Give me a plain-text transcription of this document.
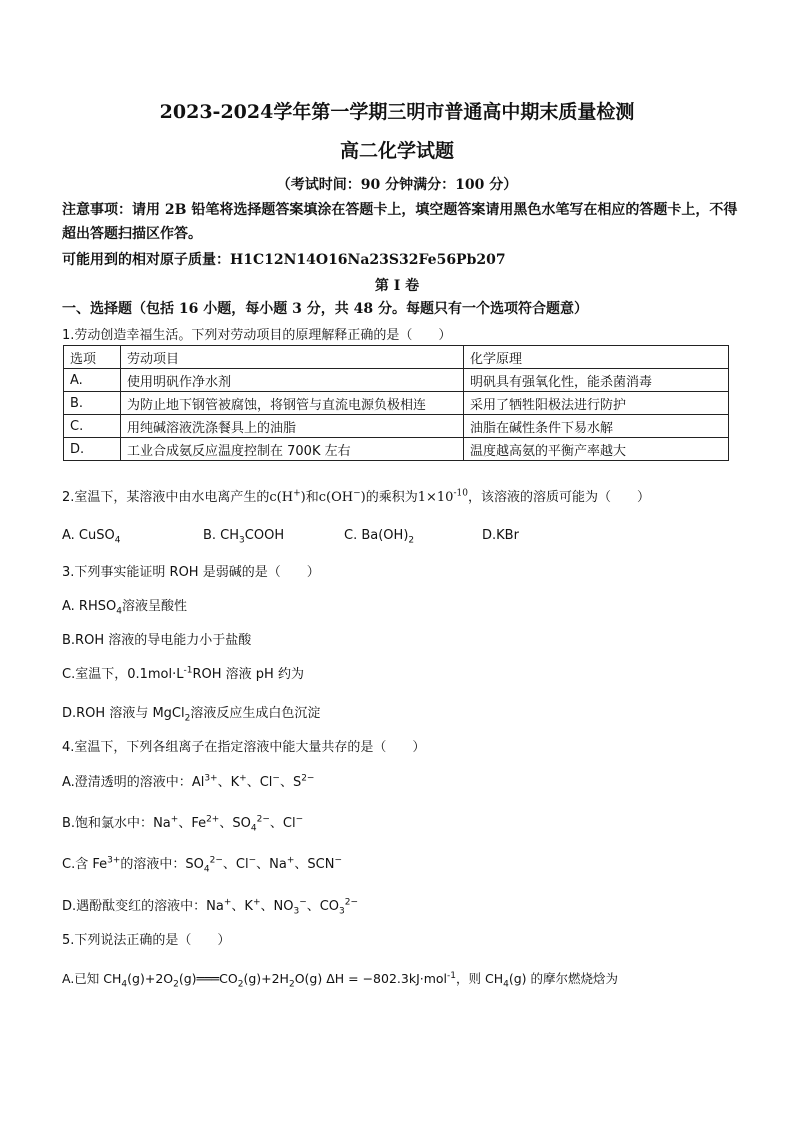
2023-2024学年第一学期三明市普通高中期末质量检测
高二化学试题
（考试时间：90 分钟满分：100 分）
注意事项：请用 2B 铅笔将选择题答案填涂在答题卡上，填空题答案请用黑色水笔写在相应的答题卡上，不得超出答题扫描区作答。
可能用到的相对原子质量：H1C12N14O16Na23S32Fe56Pb207
第 I 卷
一、选择题（包括 16 小题，每小题 3 分，共 48 分。每题只有一个选项符合题意）
1.劳动创造幸福生活。下列对劳动项目的原理解释正确的是（　　）
选项	劳动项目	化学原理
A.	使用明矾作净水剂	明矾具有强氧化性，能杀菌消毒
B.	为防止地下钢管被腐蚀，将钢管与直流电源负极相连	采用了牺牲阳极法进行防护
C.	用纯碱溶液洗涤餐具上的油脂	油脂在碱性条件下易水解
D.	工业合成氨反应温度控制在 700K 左右	温度越高氨的平衡产率越大
2.室温下，某溶液中由水电离产生的c(H+)和c(OH−)的乘积为$1\times 10^{-10}$，该溶液的溶质可能为（　　）
A. CuSO$_4$	B. $CH_3COOH$	C. $Ba(OH)_2$	D.KBr
3.下列事实能证明 ROH 是弱碱的是（　　）
A. $RHSO_4$溶液呈酸性
B.ROH 溶液的导电能力小于盐酸
C.室温下，$0.1mol\cdot L^{-1}ROH$ 溶液 pH 约为
D.ROH 溶液与 MgCl$_2$溶液反应生成白色沉淀
4.室温下，下列各组离子在指定溶液中能大量共存的是（　　）
A.澄清透明的溶液中：$Al^{3+}$、K+、Cl−、$S^{2-}$
B.饱和氯水中：Na+、$Fe^{2+}$、$SO_4^{2-}$、Cl−
C.含 $Fe^{3+}$的溶液中：$SO_4^{2-}$、Cl−、Na+、SCN−
D.遇酚酞变红的溶液中：Na+、K+、$NO_3^-$、$CO_3^{2-}$
5.下列说法正确的是（　　）
A.已知 $CH_4(g)+2O_2(g)═══CO_2(g)+2H_2O(g) \Delta H = -802.3kJ\cdot mol^{-1}$，则 $CH_4(g)$ 的摩尔燃烧焓为
